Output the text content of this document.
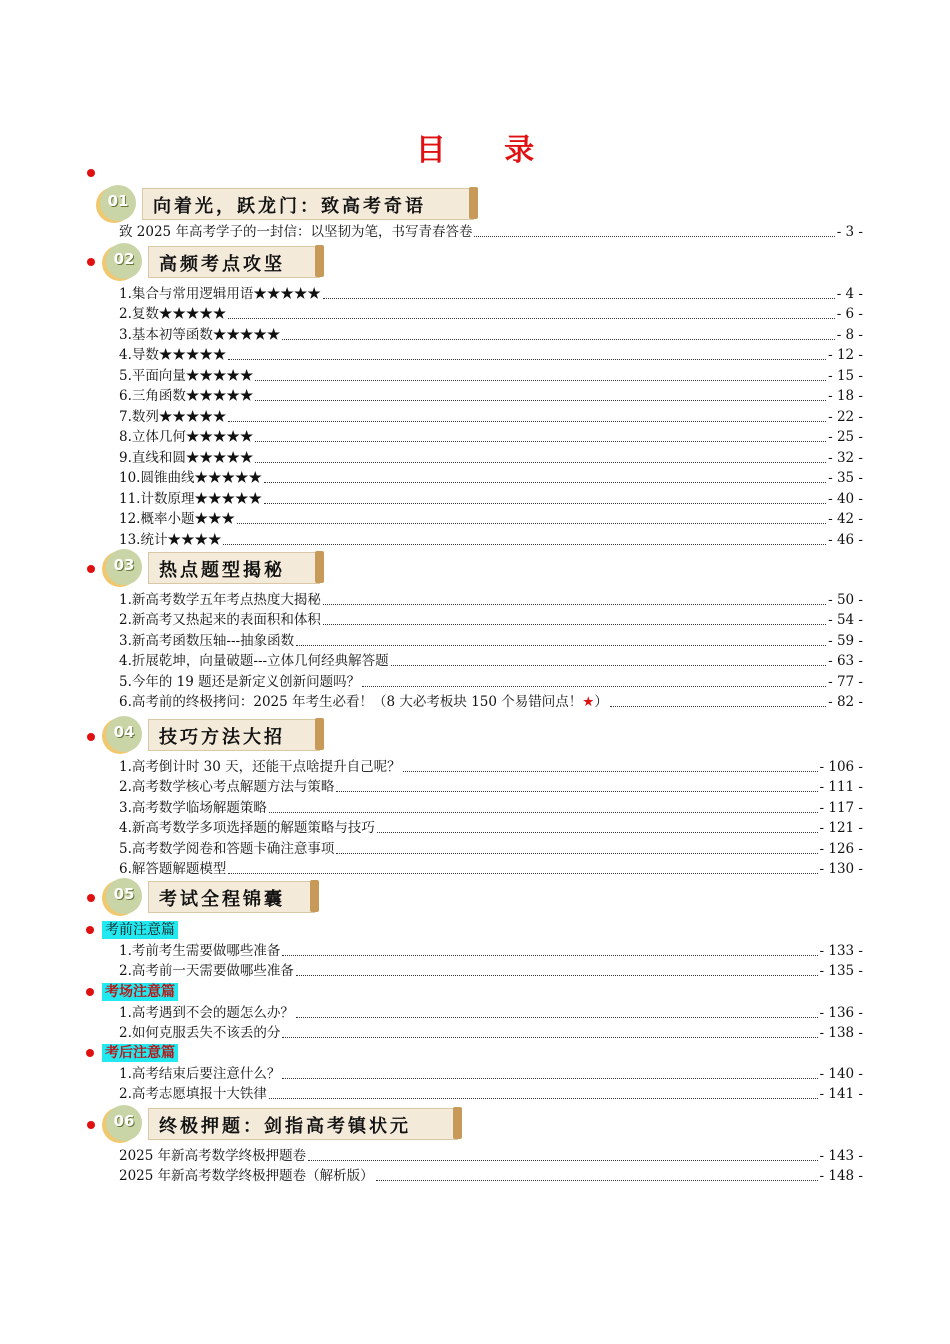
目 录
01	向着光，跃龙门：致高考奇语
致 2025 年高考学子的一封信：以坚韧为笔，书写青春答卷	- 3 -
02	高频考点攻坚
1.集合与常用逻辑用语★★★★★	- 4 -
2.复数★★★★★	- 6 -
3.基本初等函数★★★★★	- 8 -
4.导数★★★★★	- 12 -
5.平面向量★★★★★	- 15 -
6.三角函数★★★★★	- 18 -
7.数列★★★★★	- 22 -
8.立体几何★★★★★	- 25 -
9.直线和圆★★★★★	- 32 -
10.圆锥曲线★★★★★	- 35 -
11.计数原理★★★★★	- 40 -
12.概率小题★★★	- 42 -
13.统计★★★★	- 46 -
03	热点题型揭秘
1.新高考数学五年考点热度大揭秘	- 50 -
2.新高考又热起来的表面积和体积	- 54 -
3.新高考函数压轴---抽象函数	- 59 -
4.折展乾坤，向量破题---立体几何经典解答题	- 63 -
5.今年的 19 题还是新定义创新问题吗？	- 77 -
6.高考前的终极拷问：2025 年考生必看！（8 大必考板块 150 个易错问点！ ★ ）	- 82 -
04	技巧方法大招
1.高考倒计时 30 天，还能干点啥提升自己呢？	- 106 -
2.高考数学核心考点解题方法与策略	- 111 -
3.高考数学临场解题策略	- 117 -
4.新高考数学多项选择题的解题策略与技巧	- 121 -
5.高考数学阅卷和答题卡确注意事项	- 126 -
6.解答题解题模型	- 130 -
05	考试全程锦囊
考前注意篇
1.考前考生需要做哪些准备	- 133 -
2.高考前一天需要做哪些准备	- 135 -
考场注意篇
1.高考遇到不会的题怎么办？	- 136 -
2.如何克服丢失不该丢的分	- 138 -
考后注意篇
1.高考结束后要注意什么？	- 140 -
2.高考志愿填报十大铁律	- 141 -
06	终极押题：剑指高考镇状元
2025 年新高考数学终极押题卷	- 143 -
2025 年新高考数学终极押题卷（解析版）	- 148 -
